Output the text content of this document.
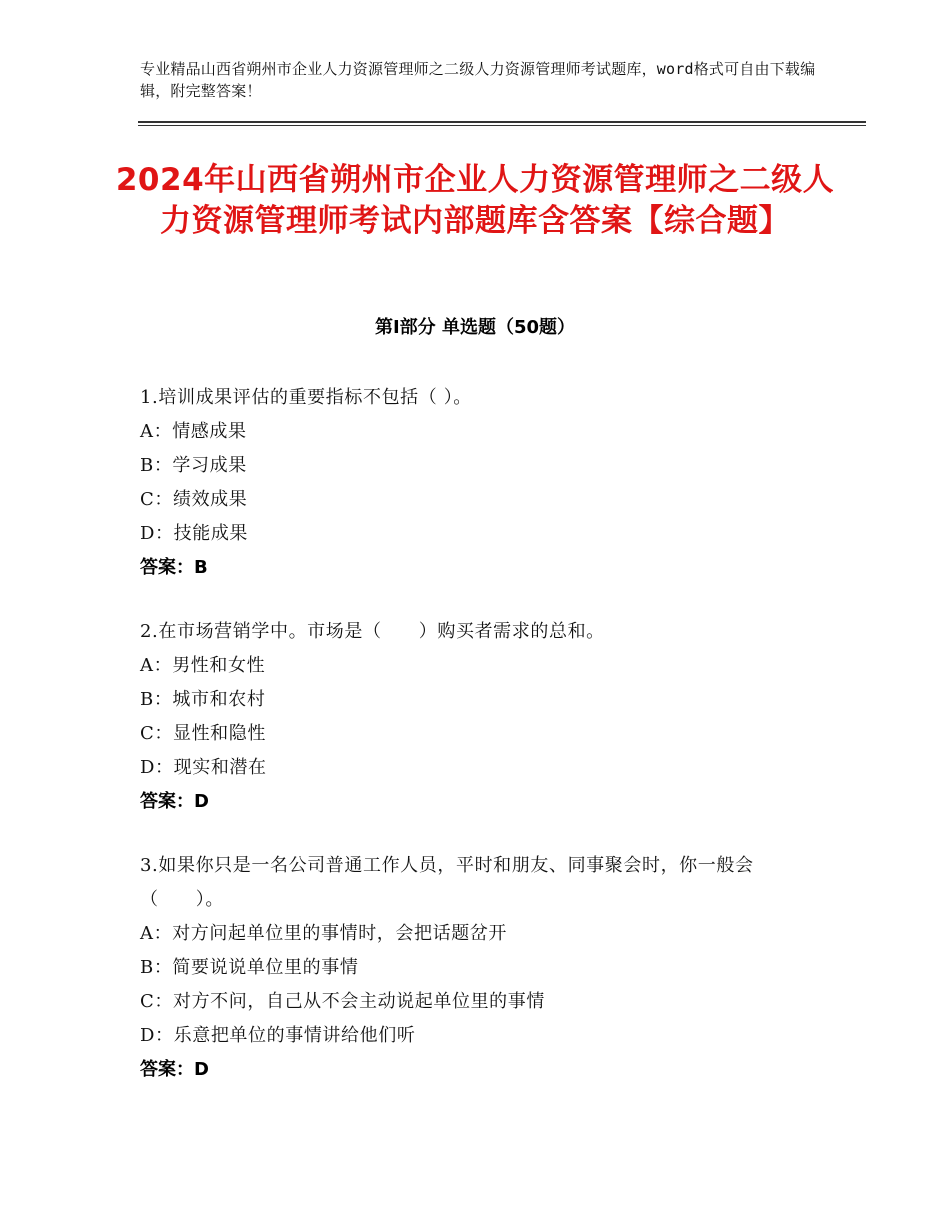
专业精品山西省朔州市企业人力资源管理师之二级人力资源管理师考试题库，word格式可自由下载编辑，附完整答案！
2024年山西省朔州市企业人力资源管理师之二级人力资源管理师考试内部题库含答案【综合题】
第Ⅰ部分 单选题（50题）
1.培训成果评估的重要指标不包括（ ）。
A：情感成果
B：学习成果
C：绩效成果
D：技能成果
答案：B
2.在市场营销学中。市场是（　　）购买者需求的总和。
A：男性和女性
B：城市和农村
C：显性和隐性
D：现实和潜在
答案：D
3.如果你只是一名公司普通工作人员，平时和朋友、同事聚会时，你一般会（　　）。
A：对方问起单位里的事情时，会把话题岔开
B：简要说说单位里的事情
C：对方不问，自己从不会主动说起单位里的事情
D：乐意把单位的事情讲给他们听
答案：D
